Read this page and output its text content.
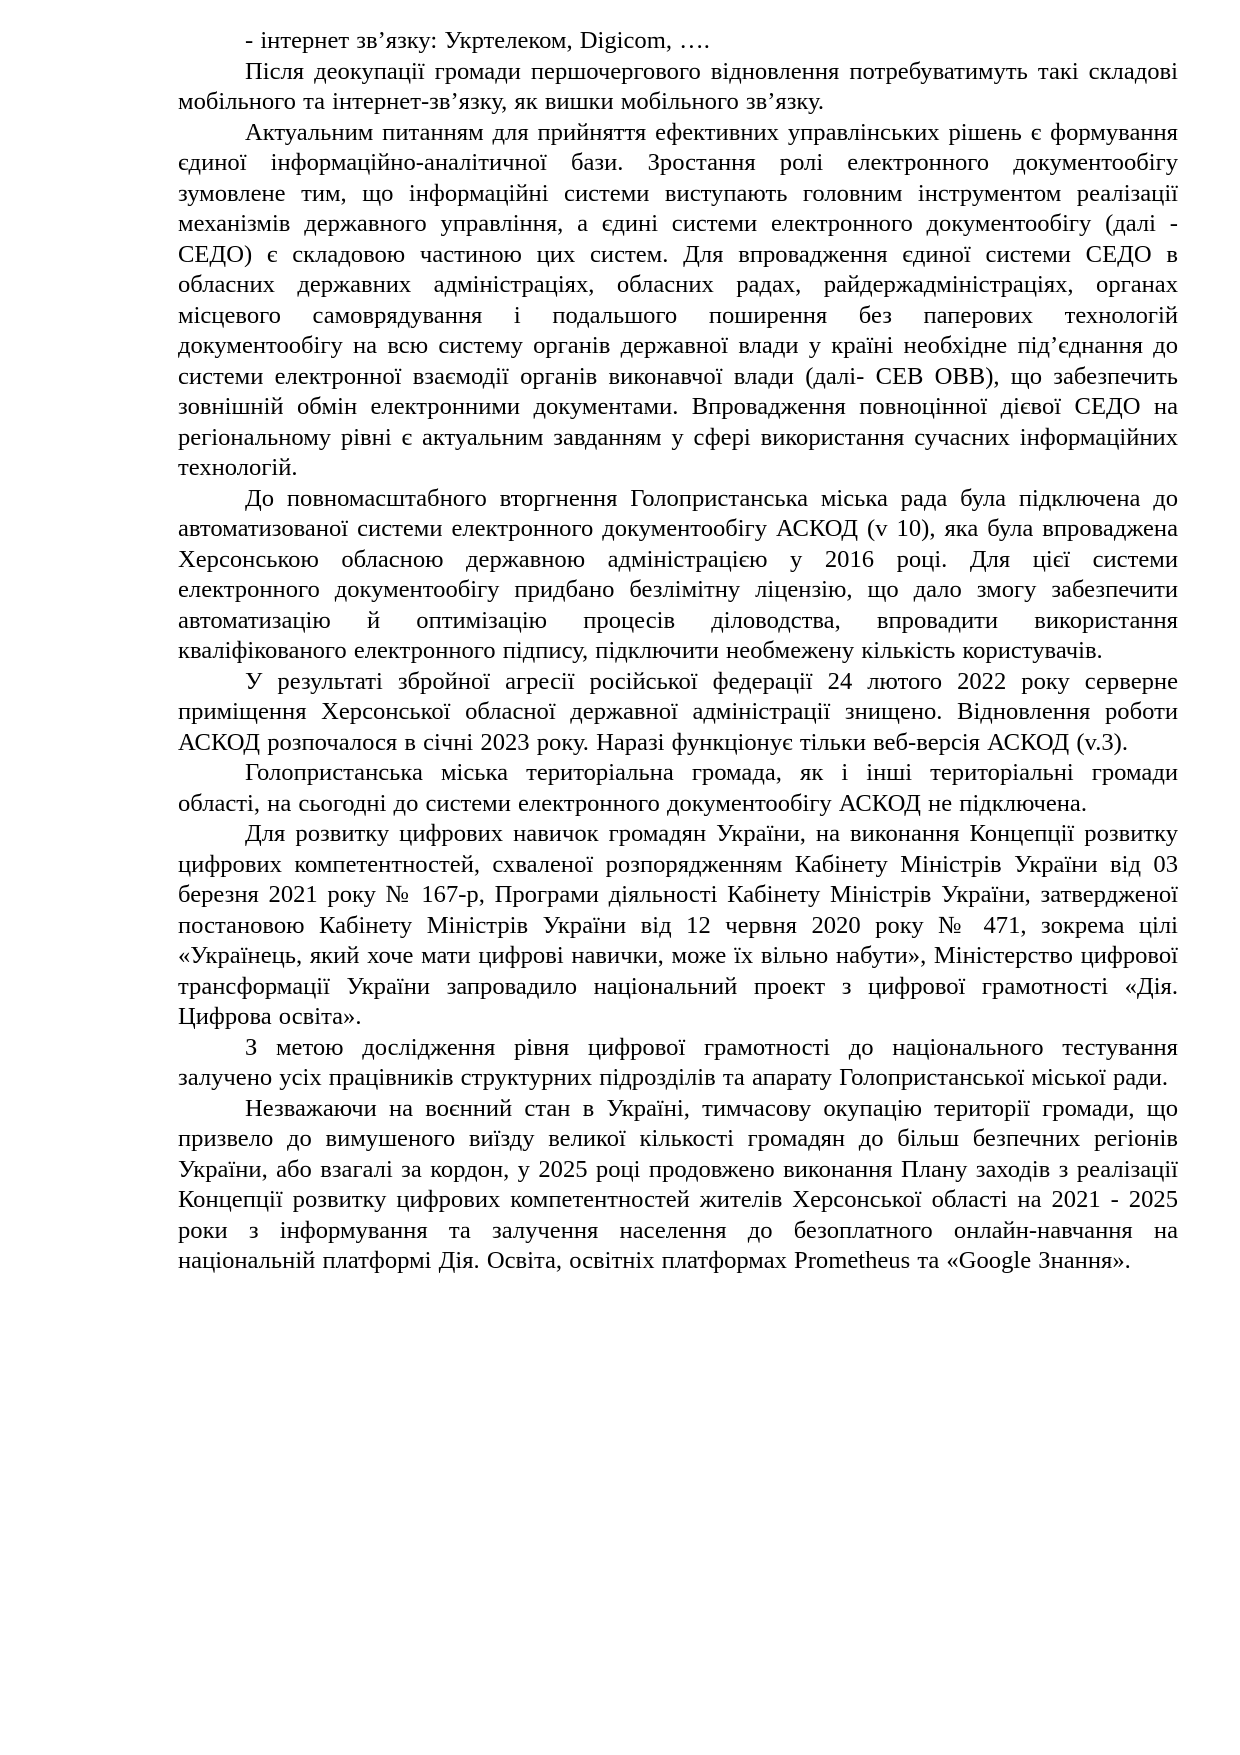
- інтернет зв’язку: Укртелеком, Digicom, ….

Після деокупації громади першочергового відновлення потребуватимуть такі складові мобільного та інтернет-зв’язку, як вишки мобільного зв’язку.

Актуальним питанням для прийняття ефективних управлінських рішень є формування єдиної інформаційно-аналітичної бази. Зростання ролі електронного документообігу зумовлене тим, що інформаційні системи виступають головним інструментом реалізації механізмів державного управління, а єдині системи електронного документообігу (далі - СЕДО) є складовою частиною цих систем. Для впровадження єдиної системи СЕДО в обласних державних адміністраціях, обласних радах, райдержадміністраціях, органах місцевого самоврядування і подальшого поширення без паперових технологій документообігу на всю систему органів державної влади у країні необхідне під’єднання до системи електронної взаємодії органів виконавчої влади (далі- СЕВ ОВВ), що забезпечить зовнішній обмін електронними документами. Впровадження повноцінної дієвої СЕДО на регіональному рівні є актуальним завданням у сфері використання сучасних інформаційних технологій.

До повномасштабного вторгнення Голопристанська міська рада була підключена до автоматизованої системи електронного документообігу АСКОД (v 10), яка була впроваджена Херсонською обласною державною адміністрацією у 2016 році. Для цієї системи електронного документообігу придбано безлімітну ліцензію, що дало змогу забезпечити автоматизацію й оптимізацію процесів діловодства, впровадити використання кваліфікованого електронного підпису, підключити необмежену кількість користувачів.

У результаті збройної агресії російської федерації 24 лютого 2022 року серверне приміщення Херсонської обласної державної адміністрації знищено. Відновлення роботи АСКОД розпочалося в січні 2023 року. Наразі функціонує тільки веб-версія АСКОД (v.3).

Голопристанська міська територіальна громада, як і інші територіальні громади області, на сьогодні до системи електронного документообігу АСКОД не підключена.

Для розвитку цифрових навичок громадян України, на виконання Концепції розвитку цифрових компетентностей, схваленої розпорядженням Кабінету Міністрів України від 03 березня 2021 року № 167-р, Програми діяльності Кабінету Міністрів України, затвердженої постановою Кабінету Міністрів України від 12 червня 2020 року № 471, зокрема цілі «Українець, який хоче мати цифрові навички, може їх вільно набути», Міністерство цифрової трансформації України запровадило національний проект з цифрової грамотності «Дія. Цифрова освіта».

З метою дослідження рівня цифрової грамотності до національного тестування залучено усіх працівників структурних підрозділів та апарату Голопристанської міської ради.

Незважаючи на воєнний стан в Україні, тимчасову окупацію території громади, що призвело до вимушеного виїзду великої кількості громадян до більш безпечних регіонів України, або взагалі за кордон, у 2025 році продовжено виконання Плану заходів з реалізації Концепції розвитку цифрових компетентностей жителів Херсонської області на 2021 - 2025 роки з інформування та залучення населення до безоплатного онлайн-навчання на національній платформі Дія. Освіта, освітніх платформах Prometheus та «Google Знання».
